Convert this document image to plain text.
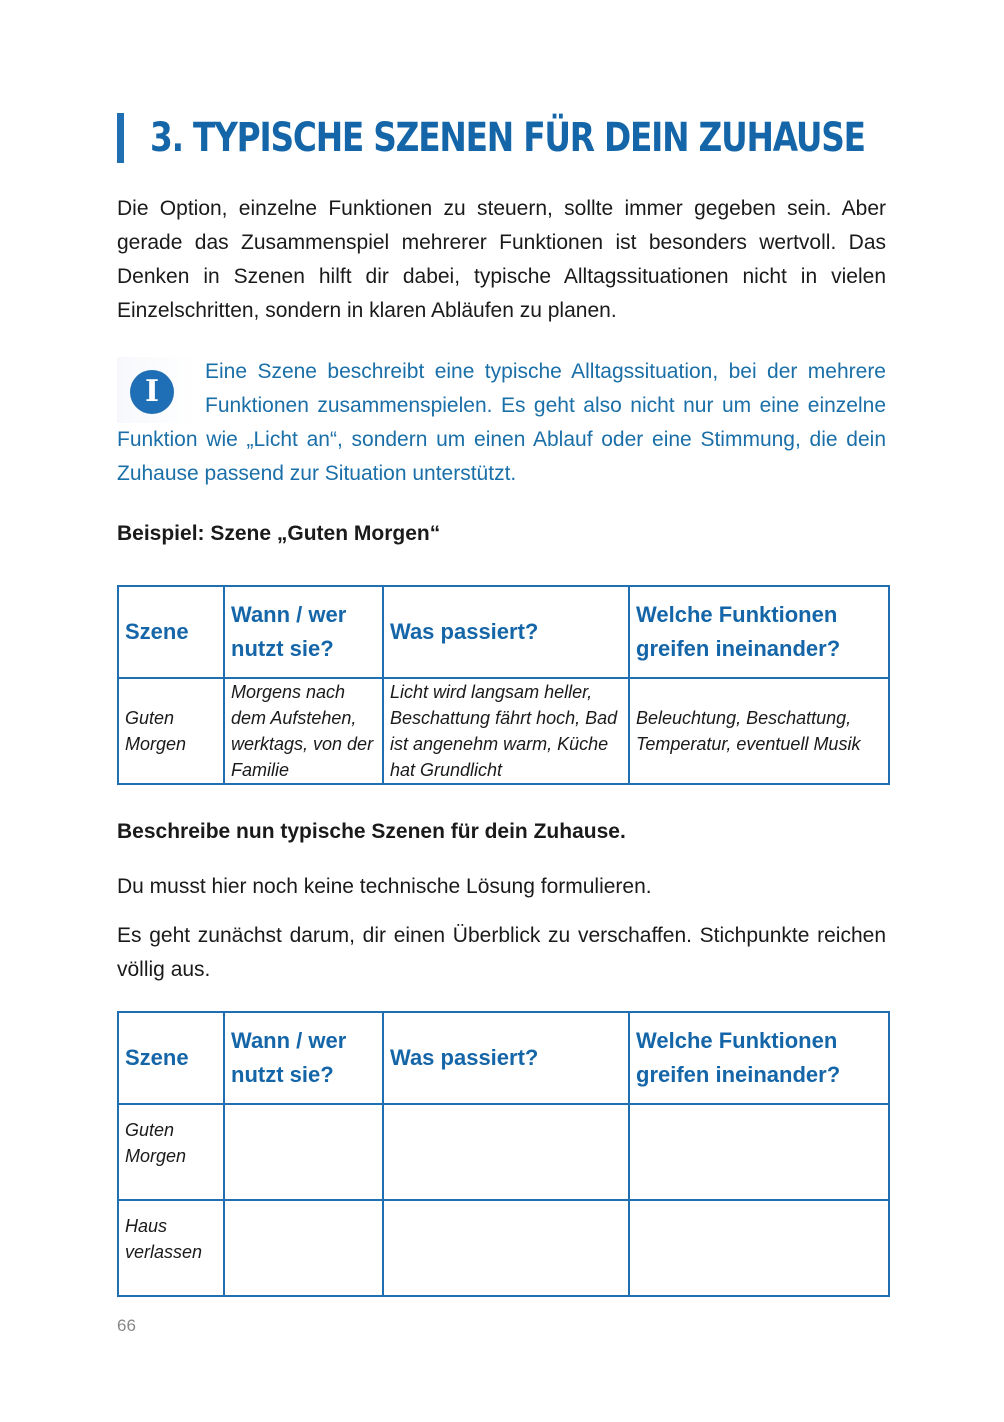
3. TYPISCHE SZENEN FÜR DEIN ZUHAUSE

Die Option, einzelne Funktionen zu steuern, sollte immer gegeben sein. Aber gerade das Zusammenspiel mehrerer Funktionen ist besonders wertvoll. Das Denken in Szenen hilft dir dabei, typische Alltagssituationen nicht in vielen Einzelschritten, sondern in klaren Abläufen zu planen.

I
Eine Szene beschreibt eine typische Alltagssituation, bei der mehrere Funktionen zusammenspielen. Es geht also nicht nur um eine einzelne Funktion wie „Licht an“, sondern um einen Ablauf oder eine Stimmung, die dein Zuhause passend zur Situation unterstützt.

Beispiel: Szene „Guten Morgen“

Szene	Wann / wer nutzt sie?	Was passiert?	Welche Funktionen greifen ineinander?
Guten Morgen	Morgens nach dem Aufstehen, werktags, von der Familie	Licht wird langsam heller, Beschattung fährt hoch, Bad ist angenehm warm, Küche hat Grundlicht	Beleuchtung, Beschattung, Temperatur, eventuell Musik

Beschreibe nun typische Szenen für dein Zuhause.

Du musst hier noch keine technische Lösung formulieren.

Es geht zunächst darum, dir einen Überblick zu verschaffen. Stichpunkte reichen völlig aus.

Szene	Wann / wer nutzt sie?	Was passiert?	Welche Funktionen greifen ineinander?
Guten Morgen			
Haus verlassen			
66
